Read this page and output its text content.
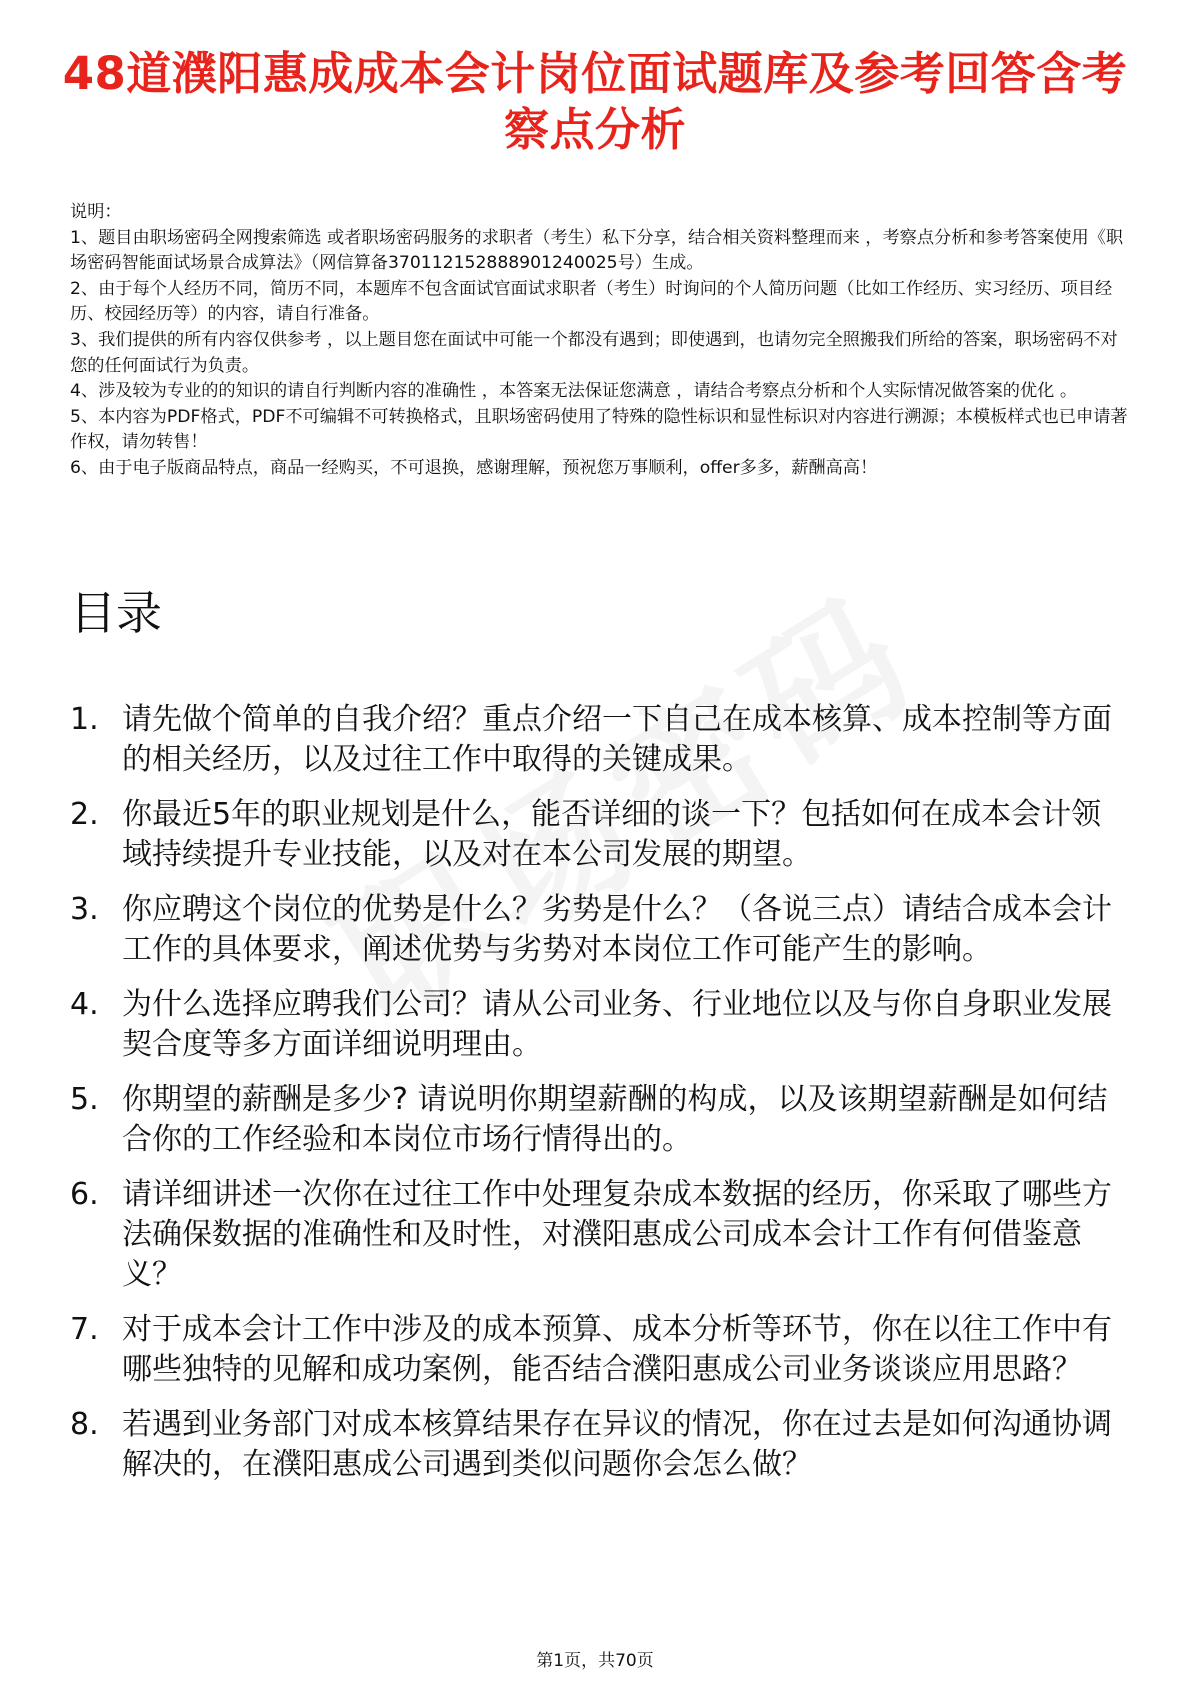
48道濮阳惠成成本会计岗位面试题库及参考回答含考察点分析
说明：
1、题目由职场密码全网搜索筛选 或者职场密码服务的求职者（考生）私下分享，结合相关资料整理而来 ，考察点分析和参考答案使用《职场密码智能面试场景合成算法》（网信算备370112152888901240025号）生成。
2、由于每个人经历不同，简历不同，本题库不包含面试官面试求职者（考生）时询问的个人简历问题（比如工作经历、实习经历、项目经历、校园经历等）的内容，请自行准备。
3、我们提供的所有内容仅供参考 ，以上题目您在面试中可能一个都没有遇到；即使遇到，也请勿完全照搬我们所给的答案，职场密码不对您的任何面试行为负责。
4、涉及较为专业的的知识的请自行判断内容的准确性 ，本答案无法保证您满意 ，请结合考察点分析和个人实际情况做答案的优化 。
5、本内容为PDF格式，PDF不可编辑不可转换格式，且职场密码使用了特殊的隐性标识和显性标识对内容进行溯源；本模板样式也已申请著作权，请勿转售！
6、由于电子版商品特点，商品一经购买，不可退换，感谢理解，预祝您万事顺利，offer多多，薪酬高高！
目录
1. 请先做个简单的自我介绍？重点介绍一下自己在成本核算、成本控制等方面的相关经历，以及过往工作中取得的关键成果。
2. 你最近5年的职业规划是什么，能否详细的谈一下？包括如何在成本会计领域持续提升专业技能，以及对在本公司发展的期望。
3. 你应聘这个岗位的优势是什么？劣势是什么？（各说三点）请结合成本会计工作的具体要求，阐述优势与劣势对本岗位工作可能产生的影响。
4. 为什么选择应聘我们公司？请从公司业务、行业地位以及与你自身职业发展契合度等多方面详细说明理由。
5. 你期望的薪酬是多少? 请说明你期望薪酬的构成，以及该期望薪酬是如何结合你的工作经验和本岗位市场行情得出的。
6. 请详细讲述一次你在过往工作中处理复杂成本数据的经历，你采取了哪些方法确保数据的准确性和及时性，对濮阳惠成公司成本会计工作有何借鉴意义？
7. 对于成本会计工作中涉及的成本预算、成本分析等环节，你在以往工作中有哪些独特的见解和成功案例，能否结合濮阳惠成公司业务谈谈应用思路？
8. 若遇到业务部门对成本核算结果存在异议的情况，你在过去是如何沟通协调解决的，在濮阳惠成公司遇到类似问题你会怎么做？
第1页，共70页
